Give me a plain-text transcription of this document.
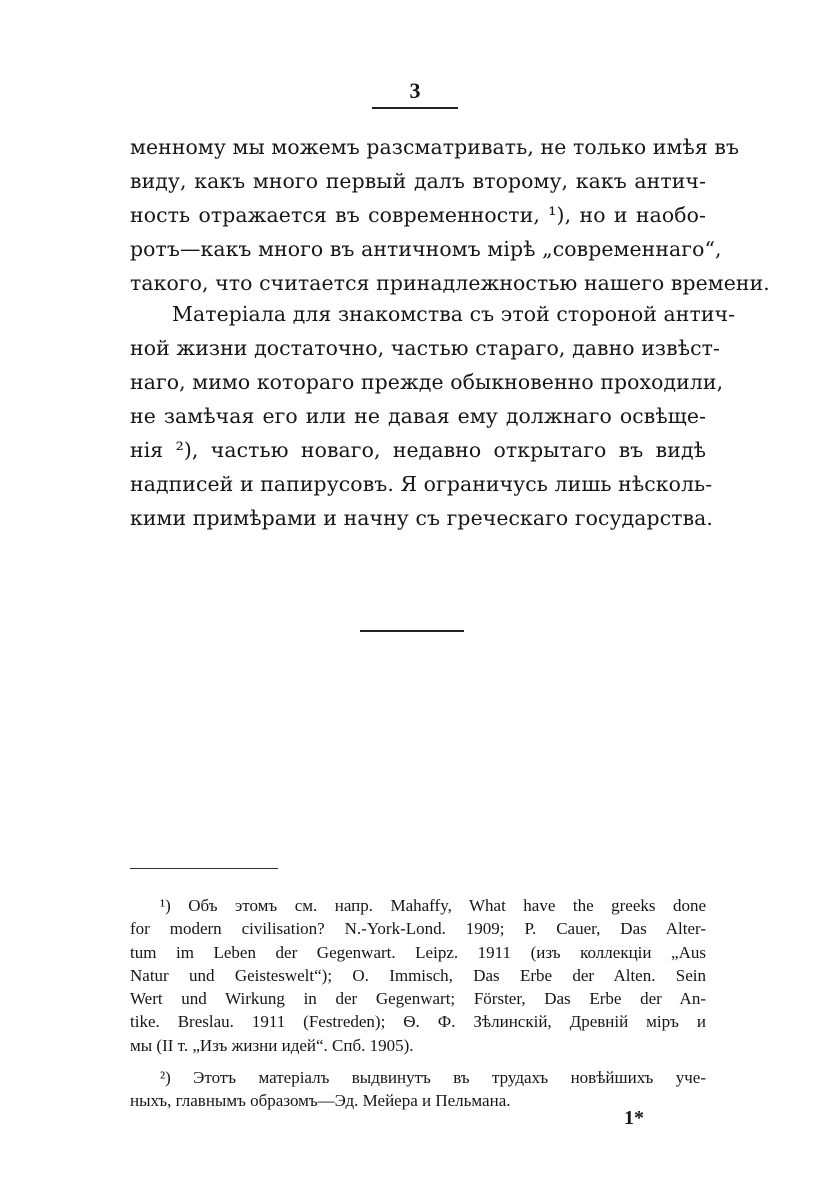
3
менному мы можемъ разсматривать, не только имѣя въ
виду, какъ много первый далъ второму, какъ антич-
ность отражается въ современности, ¹), но и наобо-
ротъ—какъ много въ античномъ мірѣ „современнаго“,
такого, что считается принадлежностью нашего времени.
Матеріала для знакомства съ этой стороной антич-
ной жизни достаточно, частью стараго, давно извѣст-
наго, мимо котораго прежде обыкновенно проходили,
не замѣчая его или не давая ему должнаго освѣще-
нія ²), частью новаго, недавно открытаго въ видѣ
надписей и папирусовъ. Я ограничусь лишь нѣсколь-
кими примѣрами и начну съ греческаго государства.
¹) Объ этомъ см. напр. Mahaffy, What have the greeks done
for modern civilisation? N.-York-Lond. 1909; P. Cauer, Das Alter-
tum im Leben der Gegenwart. Leipz. 1911 (изъ коллекціи „Aus
Natur und Geisteswelt“); O. Immisch, Das Erbe der Alten. Sein
Wert und Wirkung in der Gegenwart; Förster, Das Erbe der An-
tike. Breslau. 1911 (Festreden); Ѳ. Ф. Зѣлинскій, Древній міръ и
мы (II т. „Изъ жизни идей“. Спб. 1905).
²) Этотъ матеріалъ выдвинутъ въ трудахъ новѣйшихъ уче-
ныхъ, главнымъ образомъ—Эд. Мейера и Пельмана.
1*
